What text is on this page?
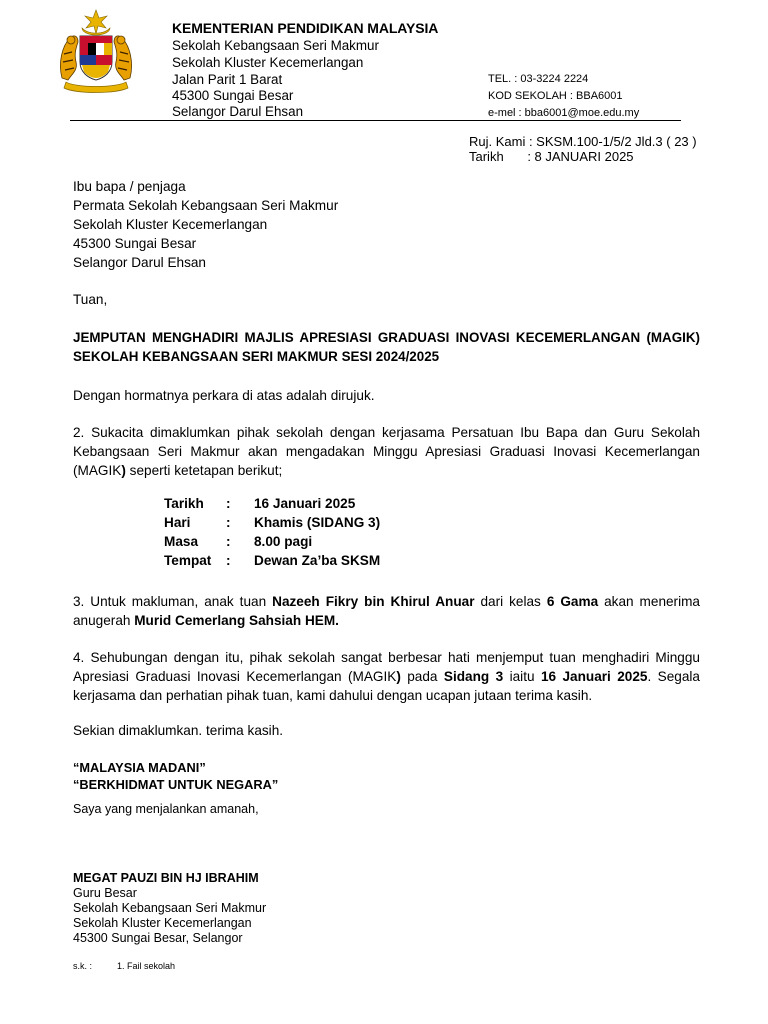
KEMENTERIAN PENDIDIKAN MALAYSIA
Sekolah Kebangsaan Seri Makmur
Sekolah Kluster Kecemerlangan
Jalan Parit 1 Barat
45300 Sungai Besar
Selangor Darul Ehsan
TEL. : 03-3224 2224
KOD SEKOLAH : BBA6001
e-mel : bba6001@moe.edu.my
Ruj. Kami : SKSM.100-1/5/2 Jld.3 ( 23 )
Tarikh : 8 JANUARI 2025
Ibu bapa / penjaga
Permata Sekolah Kebangsaan Seri Makmur
Sekolah Kluster Kecemerlangan
45300 Sungai Besar
Selangor Darul Ehsan
Tuan,
JEMPUTAN MENGHADIRI MAJLIS APRESIASI GRADUASI INOVASI KECEMERLANGAN (MAGIK) SEKOLAH KEBANGSAAN SERI MAKMUR SESI 2024/2025
Dengan hormatnya perkara di atas adalah dirujuk.
2. Sukacita dimaklumkan pihak sekolah dengan kerjasama Persatuan Ibu Bapa dan Guru Sekolah Kebangsaan Seri Makmur akan mengadakan Minggu Apresiasi Graduasi Inovasi Kecemerlangan (MAGIK) seperti ketetapan berikut;
Tarikh	:	16 Januari 2025
Hari	:	Khamis (SIDANG 3)
Masa	:	8.00 pagi
Tempat	:	Dewan Za’ba SKSM
3. Untuk makluman, anak tuan Nazeeh Fikry bin Khirul Anuar dari kelas 6 Gama akan menerima anugerah Murid Cemerlang Sahsiah HEM.
4. Sehubungan dengan itu, pihak sekolah sangat berbesar hati menjemput tuan menghadiri Minggu Apresiasi Graduasi Inovasi Kecemerlangan (MAGIK) pada Sidang 3 iaitu 16 Januari 2025. Segala kerjasama dan perhatian pihak tuan, kami dahului dengan ucapan jutaan terima kasih.
Sekian dimaklumkan. terima kasih.
“MALAYSIA MADANI”
“BERKHIDMAT UNTUK NEGARA”
Saya yang menjalankan amanah,
MEGAT PAUZI BIN HJ IBRAHIM
Guru Besar
Sekolah Kebangsaan Seri Makmur
Sekolah Kluster Kecemerlangan
45300 Sungai Besar, Selangor
s.k. :	1. Fail sekolah
